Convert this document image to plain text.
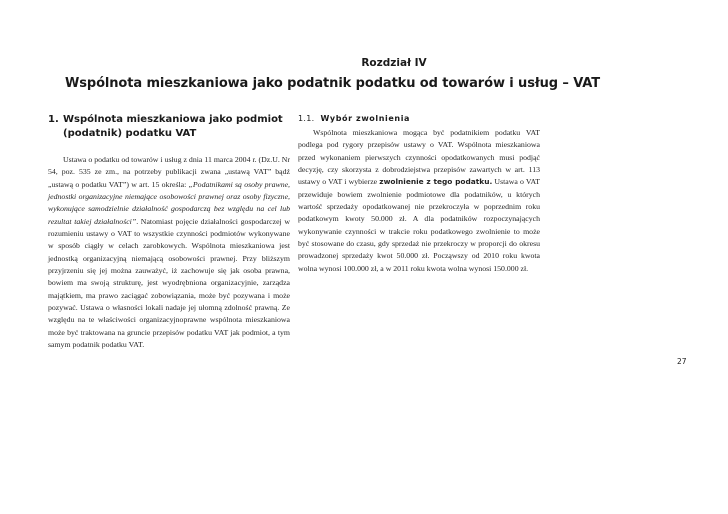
Rozdział IV
Wspólnota mieszkaniowa jako podatnik podatku od towarów i usług – VAT
1. Wspólnota mieszkaniowa jako podmiot
(podatnik) podatku VAT

Ustawa o podatku od towarów i usług z dnia 11 marca 2004 r. (Dz.U. Nr 54, poz. 535 ze zm., na potrzeby publikacji zwana „ustawą VAT” bądź „ustawą o podatku VAT”) w art. 15 określa: „Podatnikami są osoby prawne, jednostki organizacyjne niemające osobowości prawnej oraz osoby fizyczne, wykonujące samodzielnie działalność gospodarczą bez względu na cel lub rezultat takiej działalności”. Natomiast pojęcie działalności gospodarczej w rozumieniu ustawy o VAT to wszystkie czynności podmiotów wykonywane w sposób ciągły w celach zarobkowych. Wspólnota mieszkaniowa jest jednostką organizacyjną niemającą osobowości prawnej. Przy bliższym przyjrzeniu się jej można zauważyć, iż zachowuje się jak osoba prawna, bowiem ma swoją strukturę, jest wyodrębniona organizacyjnie, zarządza majątkiem, ma prawo zaciągać zobowiązania, może być pozywana i może pozywać. Ustawa o własności lokali nadaje jej ułomną zdolność prawną. Ze względu na te właściwości organizacyjnoprawne wspólnota mieszkaniowa może być traktowana na gruncie przepisów podatku VAT jak podmiot, a tym samym podatnik podatku VAT.

1.1. Wybór zwolnienia

Wspólnota mieszkaniowa mogąca być podatnikiem podatku VAT podlega pod rygory przepisów ustawy o VAT. Wspólnota mieszkaniowa przed wykonaniem pierwszych czynności opodatkowanych musi podjąć decyzję, czy skorzysta z dobrodziejstwa przepisów zawartych w art. 113 ustawy o VAT i wybierze zwolnienie z tego podatku. Ustawa o VAT przewiduje bowiem zwolnienie podmiotowe dla podatników, u których wartość sprzedaży opodatkowanej nie przekroczyła w poprzednim roku podatkowym kwoty 50.000 zł. A dla podatników rozpoczynających wykonywanie czynności w trakcie roku podatkowego zwolnienie to może być stosowane do czasu, gdy sprzedaż nie przekroczy w proporcji do okresu prowadzonej sprzedaży kwot 50.000 zł. Począwszy od 2010 roku kwota wolna wynosi 100.000 zł, a w 2011 roku kwota wolna wynosi 150.000 zł.

27
